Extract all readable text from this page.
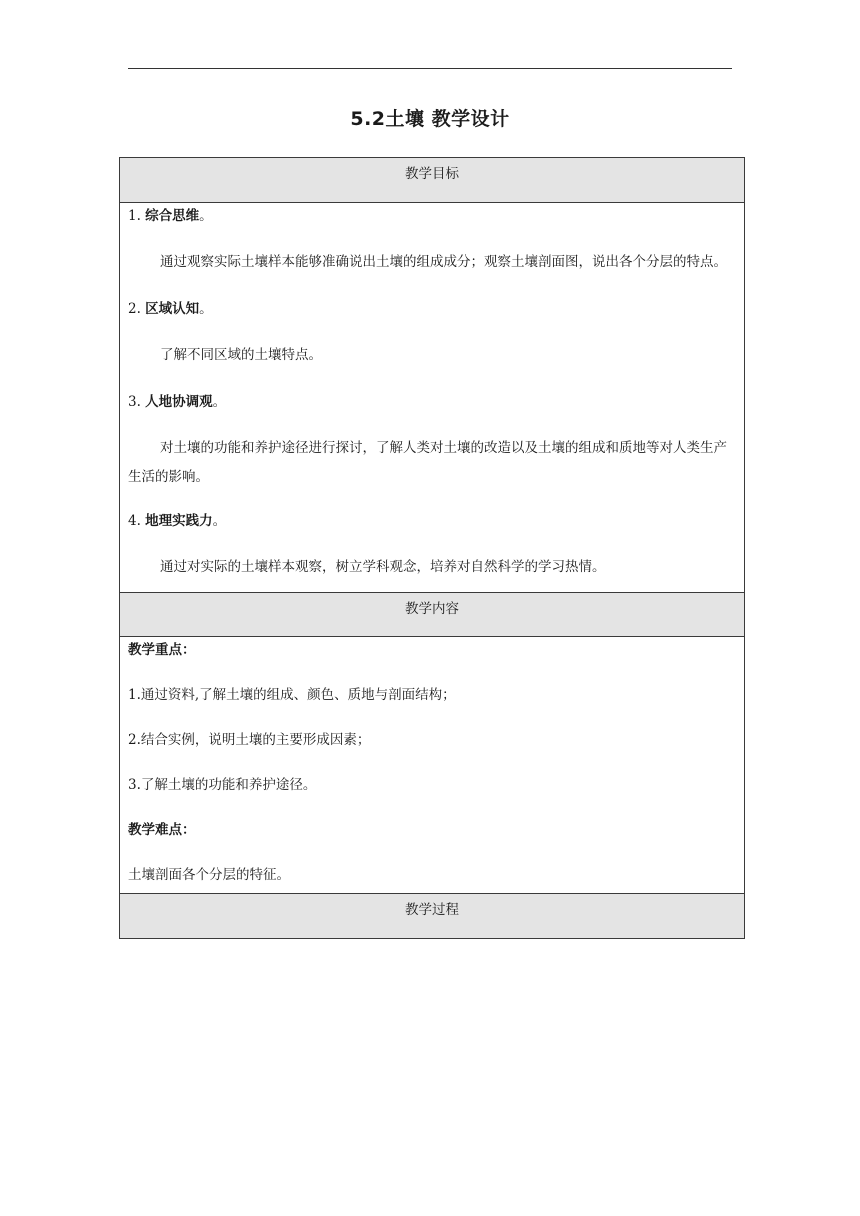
5.2土壤 教学设计
教学目标

1. 综合思维。
通过观察实际土壤样本能够准确说出土壤的组成成分；观察土壤剖面图，说出各个分层的特点。
2. 区域认知。
了解不同区域的土壤特点。
3. 人地协调观。
对土壤的功能和养护途径进行探讨，了解人类对土壤的改造以及土壤的组成和质地等对人类生产生活的影响。
4. 地理实践力。
通过对实际的土壤样本观察，树立学科观念，培养对自然科学的学习热情。

教学内容

教学重点：
1.通过资料,了解土壤的组成、颜色、质地与剖面结构；
2.结合实例，说明土壤的主要形成因素；
3.了解土壤的功能和养护途径。
教学难点：
土壤剖面各个分层的特征。

教学过程
